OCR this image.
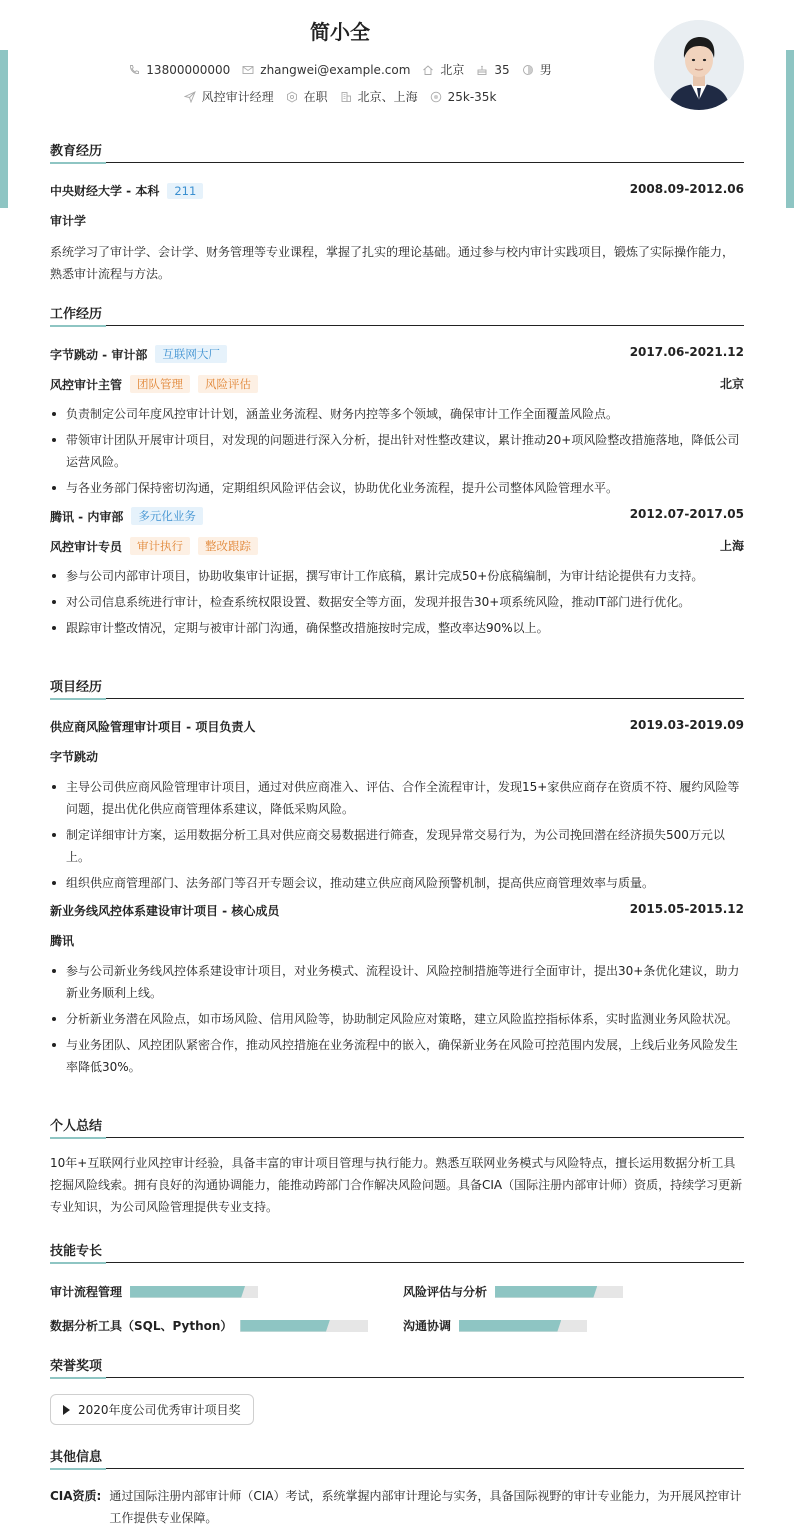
简小全
13800000000	zhangwei@example.com	北京	35	男
风控审计经理	在职	北京、上海	25k-35k
教育经历
中央财经大学 - 本科	211	2008.09-2012.06
审计学
系统学习了审计学、会计学、财务管理等专业课程，掌握了扎实的理论基础。通过参与校内审计实践项目，锻炼了实际操作能力，熟悉审计流程与方法。
工作经历
字节跳动 - 审计部	互联网大厂	2017.06-2021.12
风控审计主管	团队管理	风险评估	北京
负责制定公司年度风控审计计划，涵盖业务流程、财务内控等多个领域，确保审计工作全面覆盖风险点。
带领审计团队开展审计项目，对发现的问题进行深入分析，提出针对性整改建议，累计推动20+项风险整改措施落地，降低公司运营风险。
与各业务部门保持密切沟通，定期组织风险评估会议，协助优化业务流程，提升公司整体风险管理水平。
腾讯 - 内审部	多元化业务	2012.07-2017.05
风控审计专员	审计执行	整改跟踪	上海
参与公司内部审计项目，协助收集审计证据，撰写审计工作底稿，累计完成50+份底稿编制，为审计结论提供有力支持。
对公司信息系统进行审计，检查系统权限设置、数据安全等方面，发现并报告30+项系统风险，推动IT部门进行优化。
跟踪审计整改情况，定期与被审计部门沟通，确保整改措施按时完成，整改率达90%以上。
项目经历
供应商风险管理审计项目 - 项目负责人	2019.03-2019.09
字节跳动
主导公司供应商风险管理审计项目，通过对供应商准入、评估、合作全流程审计，发现15+家供应商存在资质不符、履约风险等问题，提出优化供应商管理体系建议，降低采购风险。
制定详细审计方案，运用数据分析工具对供应商交易数据进行筛查，发现异常交易行为，为公司挽回潜在经济损失500万元以上。
组织供应商管理部门、法务部门等召开专题会议，推动建立供应商风险预警机制，提高供应商管理效率与质量。
新业务线风控体系建设审计项目 - 核心成员	2015.05-2015.12
腾讯
参与公司新业务线风控体系建设审计项目，对业务模式、流程设计、风险控制措施等进行全面审计，提出30+条优化建议，助力新业务顺利上线。
分析新业务潜在风险点，如市场风险、信用风险等，协助制定风险应对策略，建立风险监控指标体系，实时监测业务风险状况。
与业务团队、风控团队紧密合作，推动风控措施在业务流程中的嵌入，确保新业务在风险可控范围内发展，上线后业务风险发生率降低30%。
个人总结
10年+互联网行业风控审计经验，具备丰富的审计项目管理与执行能力。熟悉互联网业务模式与风险特点，擅长运用数据分析工具挖掘风险线索。拥有良好的沟通协调能力，能推动跨部门合作解决风险问题。具备CIA（国际注册内部审计师）资质，持续学习更新专业知识，为公司风险管理提供专业支持。
技能专长
审计流程管理	风险评估与分析
数据分析工具（SQL、Python）	沟通协调
荣誉奖项
2020年度公司优秀审计项目奖
其他信息
CIA资质: 通过国际注册内部审计师（CIA）考试，系统掌握内部审计理论与实务，具备国际视野的审计专业能力，为开展风控审计工作提供专业保障。
